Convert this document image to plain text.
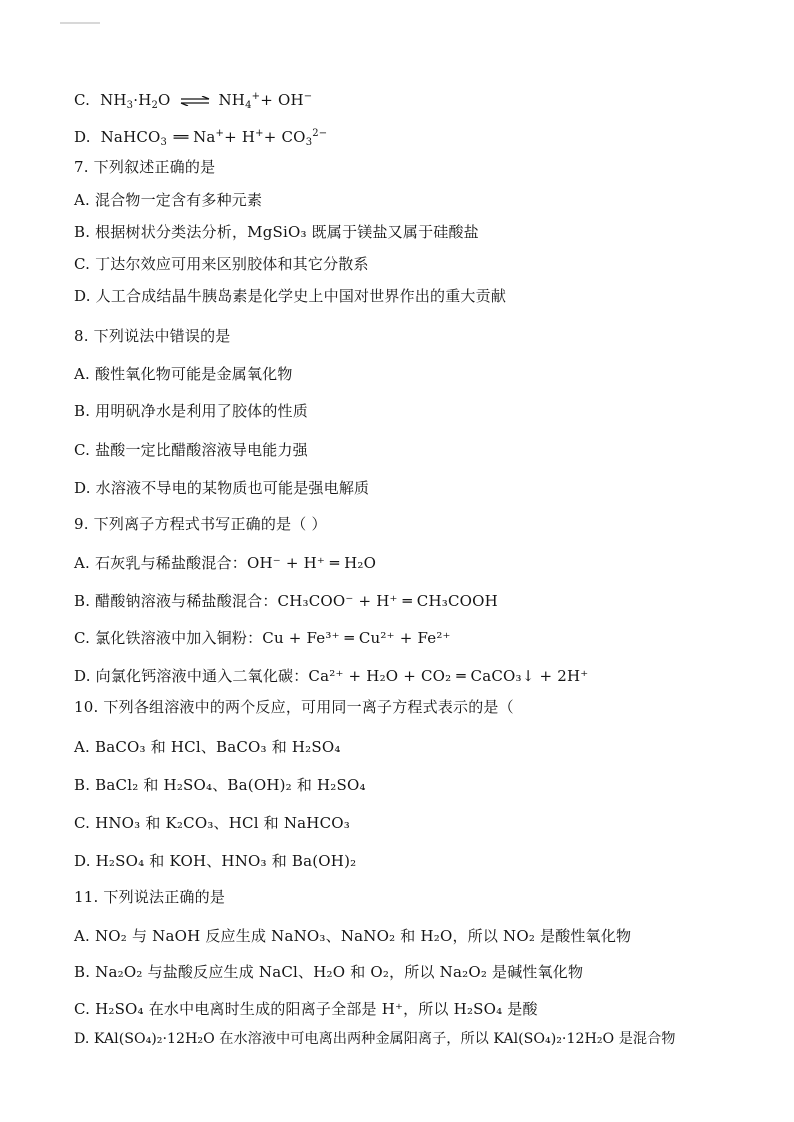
C. $NH_3\cdot H_2O$ ⇌ $NH_4^++ OH^-$
D. NaHCO$_3$ ═ $Na^++ H^++ CO_3^{2-}$
7. 下列叙述正确的是
A. 混合物一定含有多种元素
B. 根据树状分类法分析，MgSiO₃ 既属于镁盐又属于硅酸盐
C. 丁达尔效应可用来区别胶体和其它分散系
D. 人工合成结晶牛胰岛素是化学史上中国对世界作出的重大贡献
8. 下列说法中错误的是
A. 酸性氧化物可能是金属氧化物
B. 用明矾净水是利用了胶体的性质
C. 盐酸一定比醋酸溶液导电能力强
D. 水溶液不导电的某物质也可能是强电解质
9. 下列离子方程式书写正确的是（ ）
A. 石灰乳与稀盐酸混合：OH⁻ + H⁺ ═ H₂O
B. 醋酸钠溶液与稀盐酸混合：CH₃COO⁻ + H⁺ ═ CH₃COOH
C. 氯化铁溶液中加入铜粉：Cu + Fe³⁺ ═ Cu²⁺ + Fe²⁺
D. 向氯化钙溶液中通入二氧化碳：Ca²⁺ + H₂O + CO₂ ═ CaCO₃↓ + 2H⁺
10. 下列各组溶液中的两个反应，可用同一离子方程式表示的是（
A. BaCO₃ 和 HCl、BaCO₃ 和 H₂SO₄
B. BaCl₂ 和 H₂SO₄、Ba(OH)₂ 和 H₂SO₄
C. HNO₃ 和 K₂CO₃、HCl 和 NaHCO₃
D. H₂SO₄ 和 KOH、HNO₃ 和 Ba(OH)₂
11. 下列说法正确的是
A. NO₂ 与 NaOH 反应生成 NaNO₃、NaNO₂ 和 H₂O，所以 NO₂ 是酸性氧化物
B. Na₂O₂ 与盐酸反应生成 NaCl、H₂O 和 O₂，所以 Na₂O₂ 是碱性氧化物
C. H₂SO₄ 在水中电离时生成的阳离子全部是 H⁺，所以 H₂SO₄ 是酸
D. KAl(SO₄)₂·12H₂O 在水溶液中可电离出两种金属阳离子，所以 KAl(SO₄)₂·12H₂O 是混合物
